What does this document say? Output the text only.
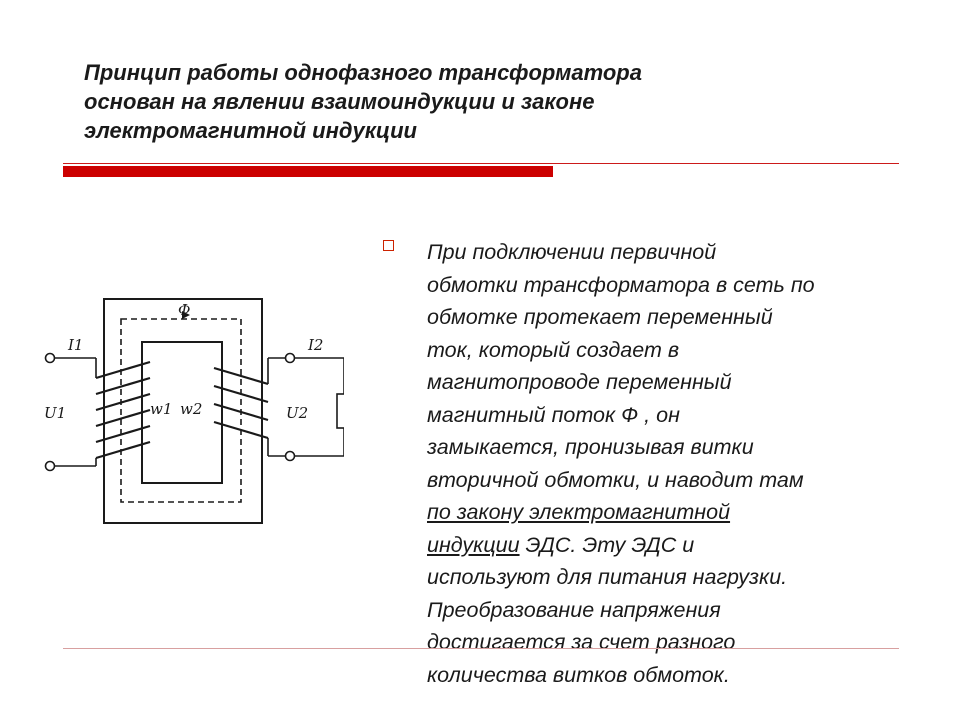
Принцип работы однофазного трансформатора
основан на явлении взаимоиндукции и законе
электромагнитной индукции
Ф
I1	I2
U1	U2
w1 w2
При подключении первичной
обмотки трансформатора в сеть по
обмотке протекает переменный
ток, который создает в
магнитопроводе переменный
магнитный поток Ф , он
замыкается, пронизывая витки
вторичной обмотки, и наводит там
по закону электромагнитной
индукции ЭДС. Эту ЭДС и
используют для питания нагрузки.
Преобразование напряжения
достигается за счет разного
количества витков обмоток.
